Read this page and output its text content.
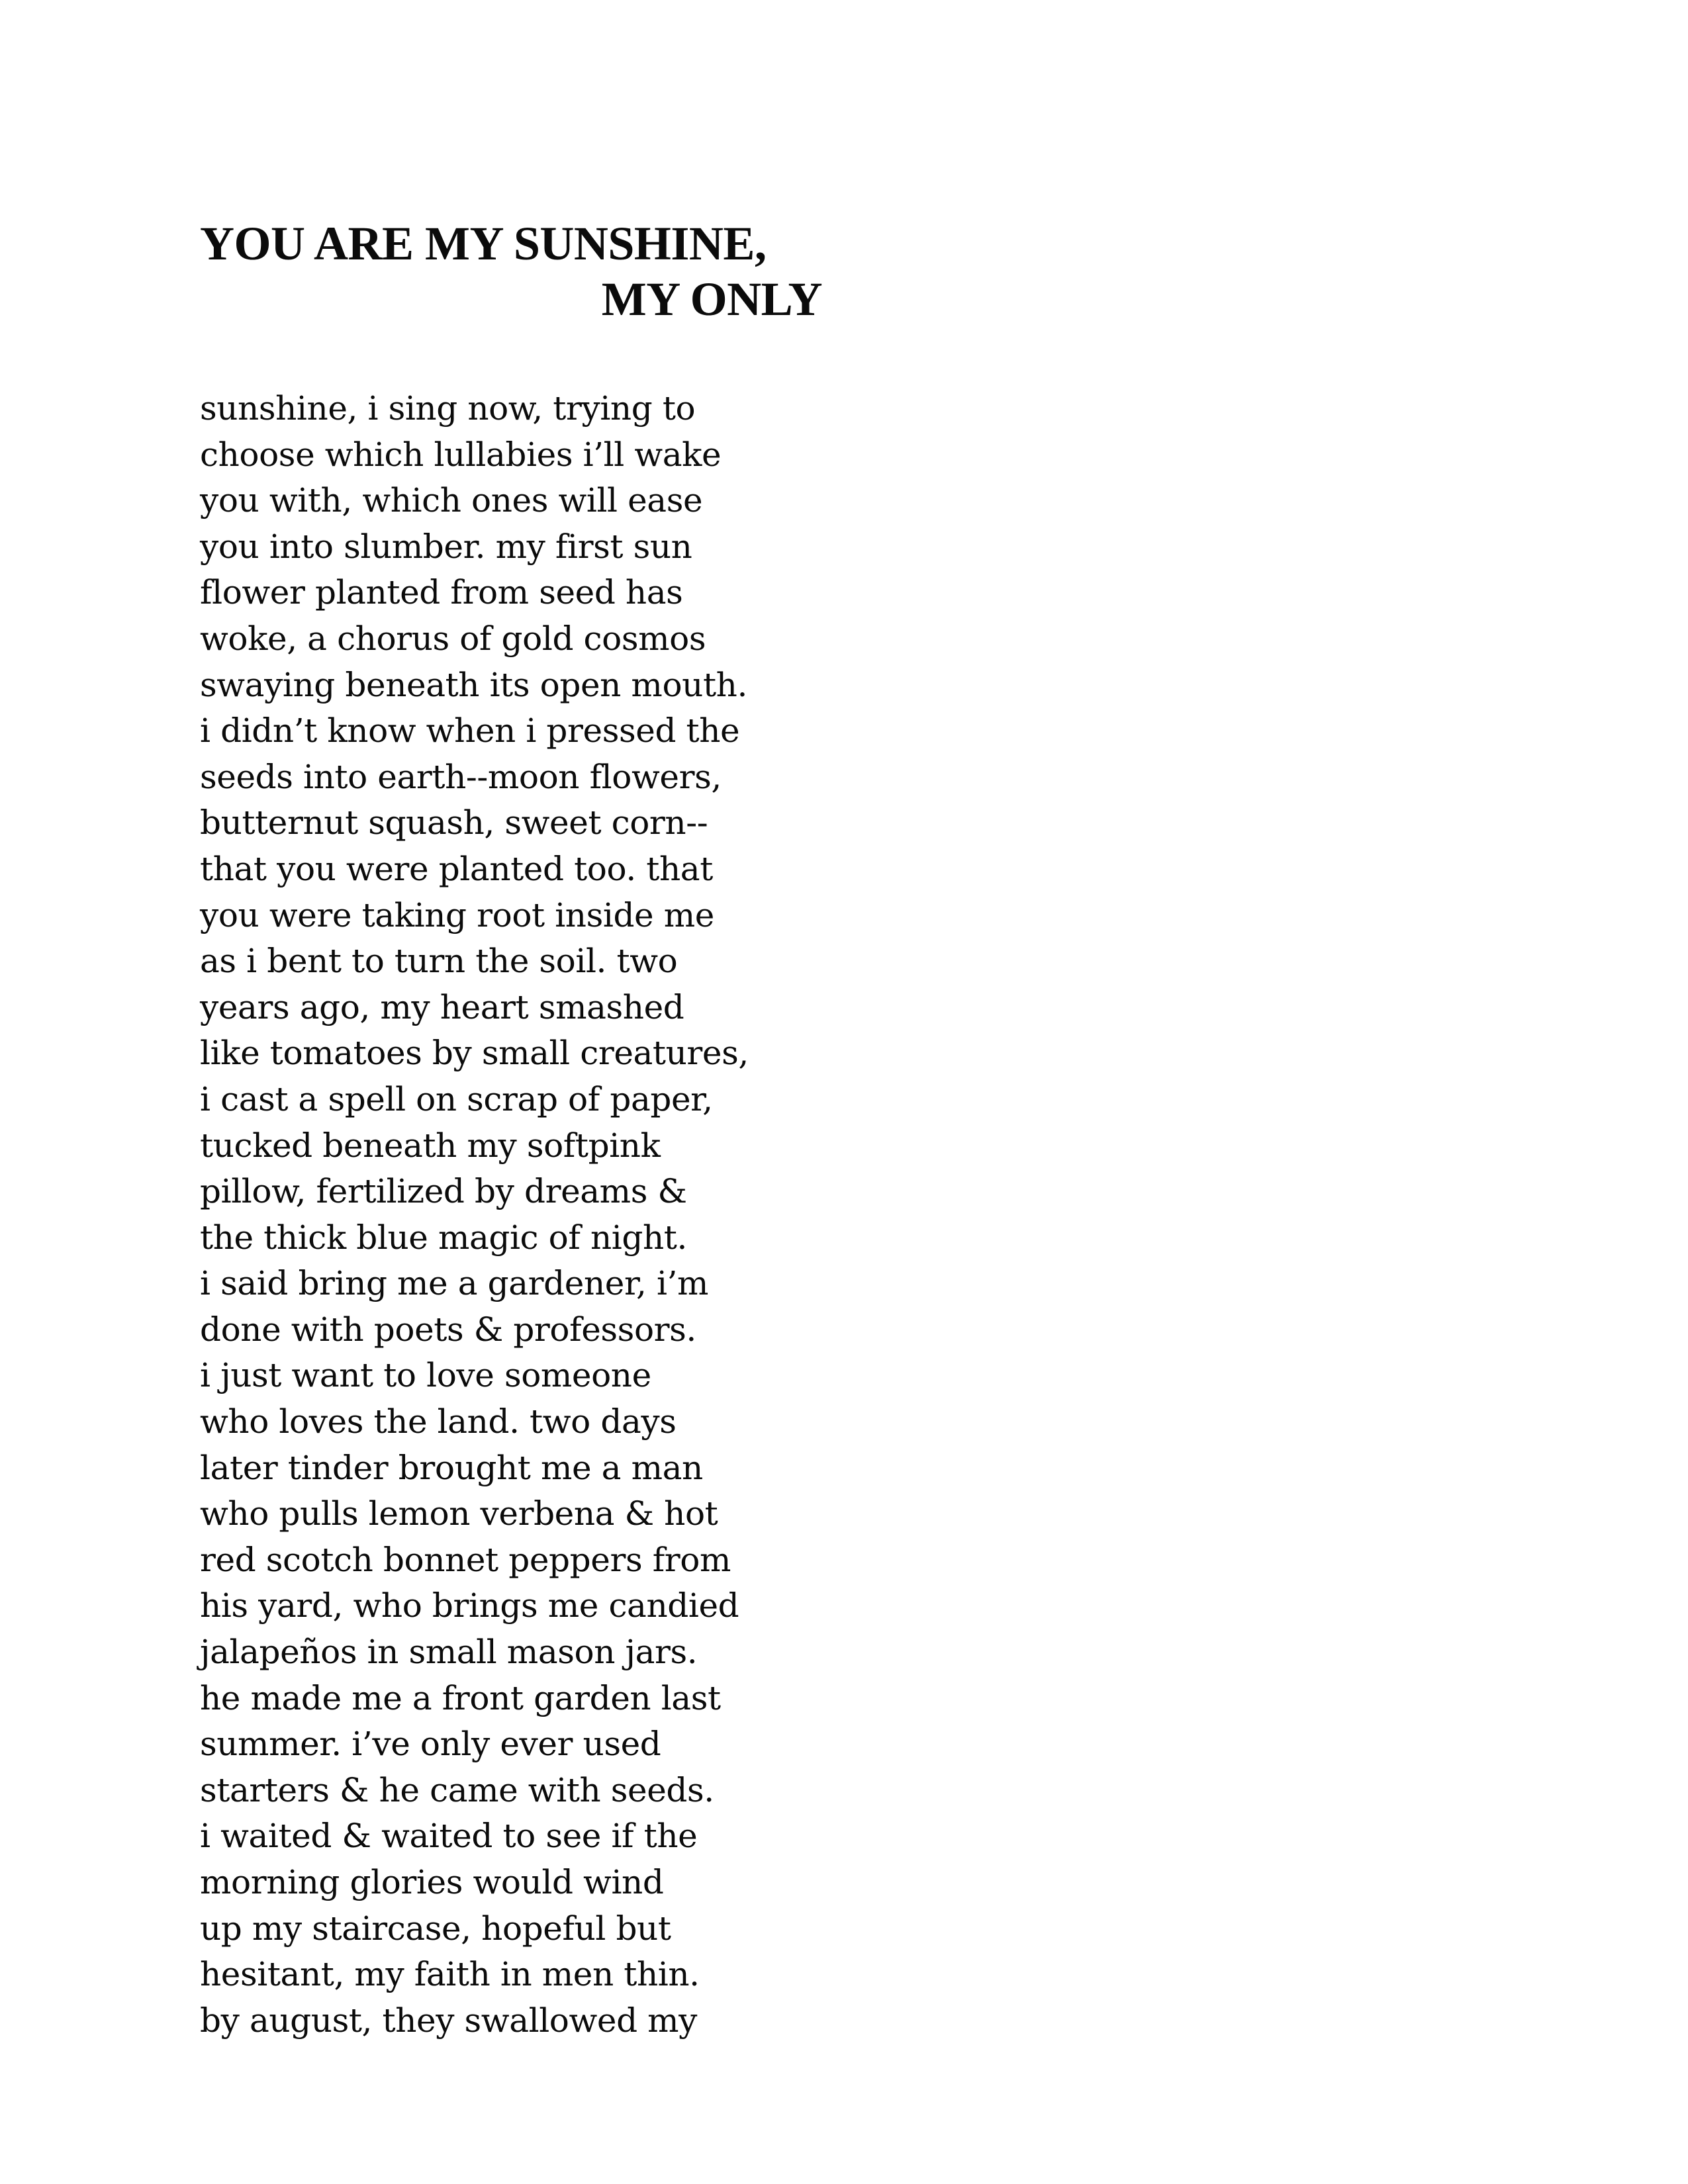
YOU ARE MY SUNSHINE,
MY ONLY
sunshine, i sing now, trying to
choose which lullabies i’ll wake
you with, which ones will ease
you into slumber. my first sun
flower planted from seed has
woke, a chorus of gold cosmos
swaying beneath its open mouth.
i didn’t know when i pressed the
seeds into earth--moon flowers,
butternut squash, sweet corn--
that you were planted too. that
you were taking root inside me
as i bent to turn the soil. two
years ago, my heart smashed
like tomatoes by small creatures,
i cast a spell on scrap of paper,
tucked beneath my softpink
pillow, fertilized by dreams &
the thick blue magic of night.
i said bring me a gardener, i’m
done with poets & professors.
i just want to love someone
who loves the land. two days
later tinder brought me a man
who pulls lemon verbena & hot
red scotch bonnet peppers from
his yard, who brings me candied
jalapeños in small mason jars.
he made me a front garden last
summer. i’ve only ever used
starters & he came with seeds.
i waited & waited to see if the
morning glories would wind
up my staircase, hopeful but
hesitant, my faith in men thin.
by august, they swallowed my
